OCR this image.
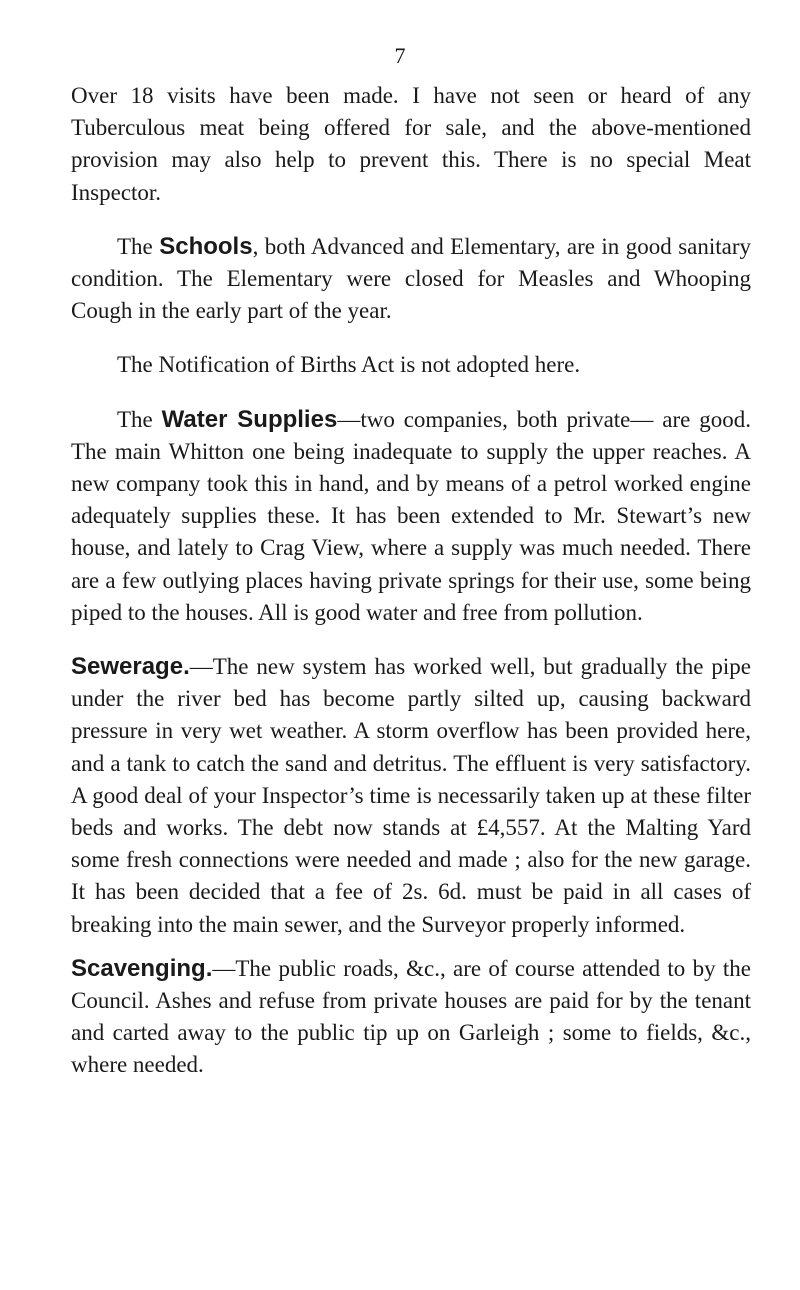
7

Over 18 visits have been made. I have not seen or heard of any Tuberculous meat being offered for sale, and the above-mentioned provision may also help to prevent this. There is no special Meat Inspector.

The Schools, both Advanced and Elementary, are in good sanitary condition. The Elementary were closed for Measles and Whooping Cough in the early part of the year.

The Notification of Births Act is not adopted here.

The Water Supplies—two companies, both private— are good. The main Whitton one being inadequate to supply the upper reaches. A new company took this in hand, and by means of a petrol worked engine adequately supplies these. It has been extended to Mr. Stewart’s new house, and lately to Crag View, where a supply was much needed. There are a few outlying places having private springs for their use, some being piped to the houses. All is good water and free from pollution.

Sewerage.—The new system has worked well, but gradually the pipe under the river bed has become partly silted up, causing backward pressure in very wet weather. A storm overflow has been provided here, and a tank to catch the sand and detritus. The effluent is very satisfactory. A good deal of your Inspector’s time is necessarily taken up at these filter beds and works. The debt now stands at £4,557. At the Malting Yard some fresh connections were needed and made ; also for the new garage. It has been decided that a fee of 2s. 6d. must be paid in all cases of breaking into the main sewer, and the Surveyor properly informed.

Scavenging.—The public roads, &c., are of course attended to by the Council. Ashes and refuse from private houses are paid for by the tenant and carted away to the public tip up on Garleigh ; some to fields, &c., where needed.
